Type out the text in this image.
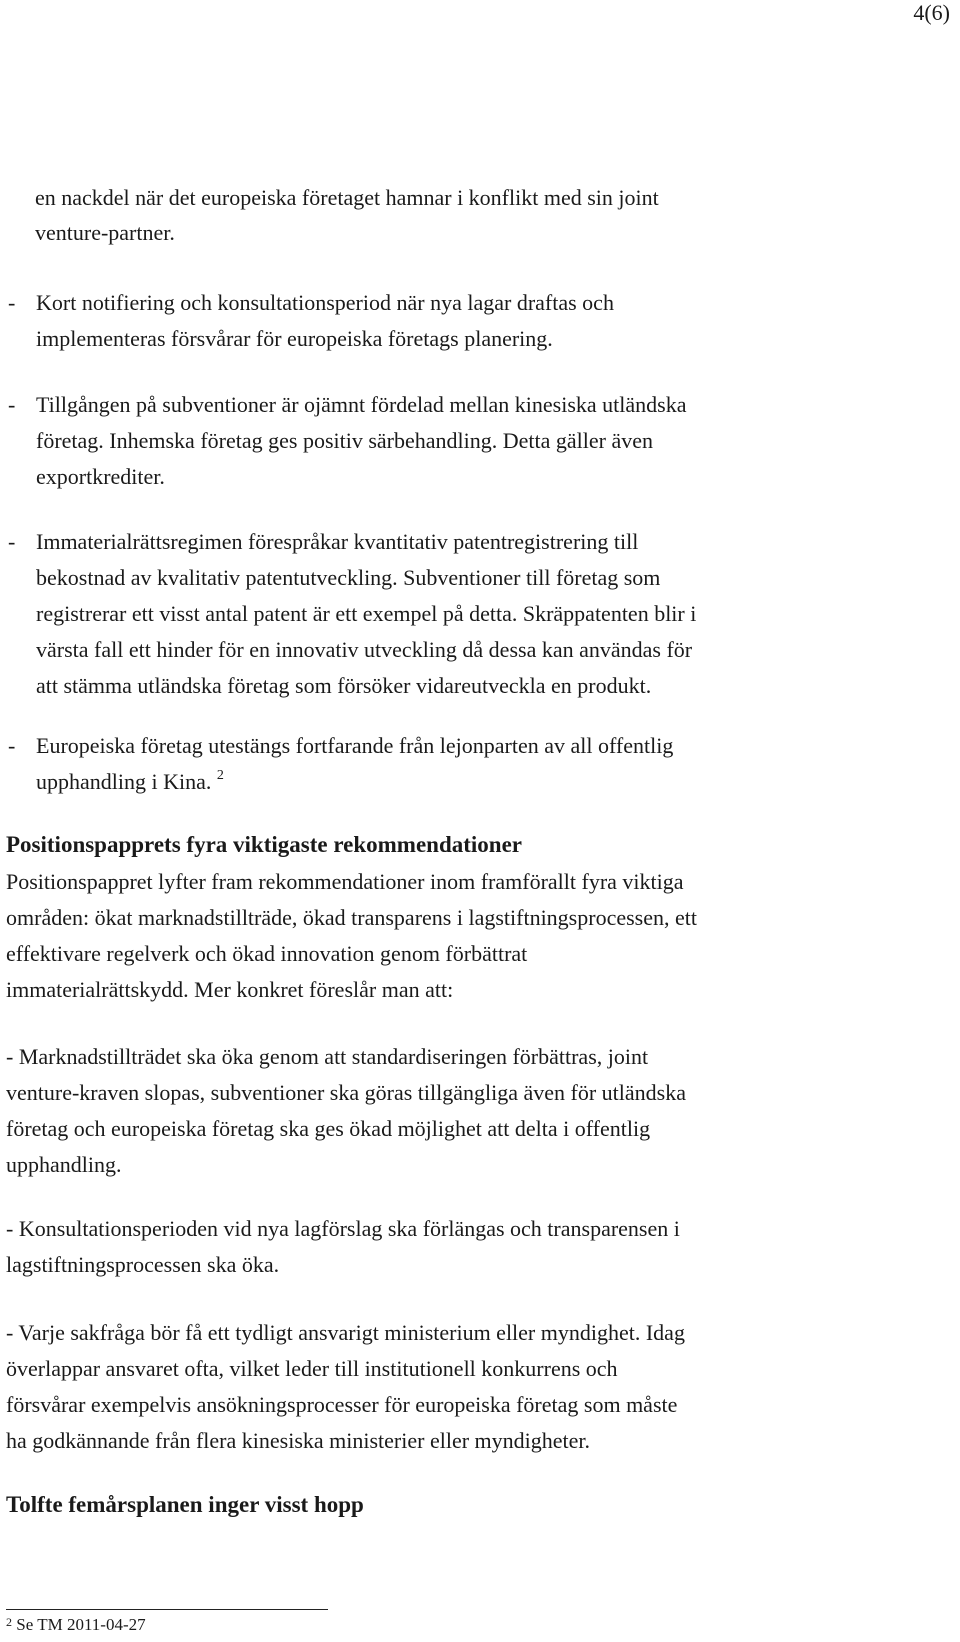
4(6)
en nackdel när det europeiska företaget hamnar i konflikt med sin joint
venture-partner.
- Kort notifiering och konsultationsperiod när nya lagar draftas och
implementeras försvårar för europeiska företags planering.
- Tillgången på subventioner är ojämnt fördelad mellan kinesiska utländska
företag. Inhemska företag ges positiv särbehandling. Detta gäller även
exportkrediter.
- Immaterialrättsregimen förespråkar kvantitativ patentregistrering till
bekostnad av kvalitativ patentutveckling. Subventioner till företag som
registrerar ett visst antal patent är ett exempel på detta. Skräppatenten blir i
värsta fall ett hinder för en innovativ utveckling då dessa kan användas för
att stämma utländska företag som försöker vidareutveckla en produkt.
- Europeiska företag utestängs fortfarande från lejonparten av all offentlig
upphandling i Kina. $^2$
Positionspapprets fyra viktigaste rekommendationer
Positionspappret lyfter fram rekommendationer inom framförallt fyra viktiga
områden: ökat marknadstillträde, ökad transparens i lagstiftningsprocessen, ett
effektivare regelverk och ökad innovation genom förbättrat
immaterialrättskydd. Mer konkret föreslår man att:
- Marknadstillträdet ska öka genom att standardiseringen förbättras, joint
venture-kraven slopas, subventioner ska göras tillgängliga även för utländska
företag och europeiska företag ska ges ökad möjlighet att delta i offentlig
upphandling.
- Konsultationsperioden vid nya lagförslag ska förlängas och transparensen i
lagstiftningsprocessen ska öka.
- Varje sakfråga bör få ett tydligt ansvarigt ministerium eller myndighet. Idag
överlappar ansvaret ofta, vilket leder till institutionell konkurrens och
försvårar exempelvis ansökningsprocesser för europeiska företag som måste
ha godkännande från flera kinesiska ministerier eller myndigheter.
Tolfte femårsplanen inger visst hopp
$^2$ Se TM 2011-04-27
